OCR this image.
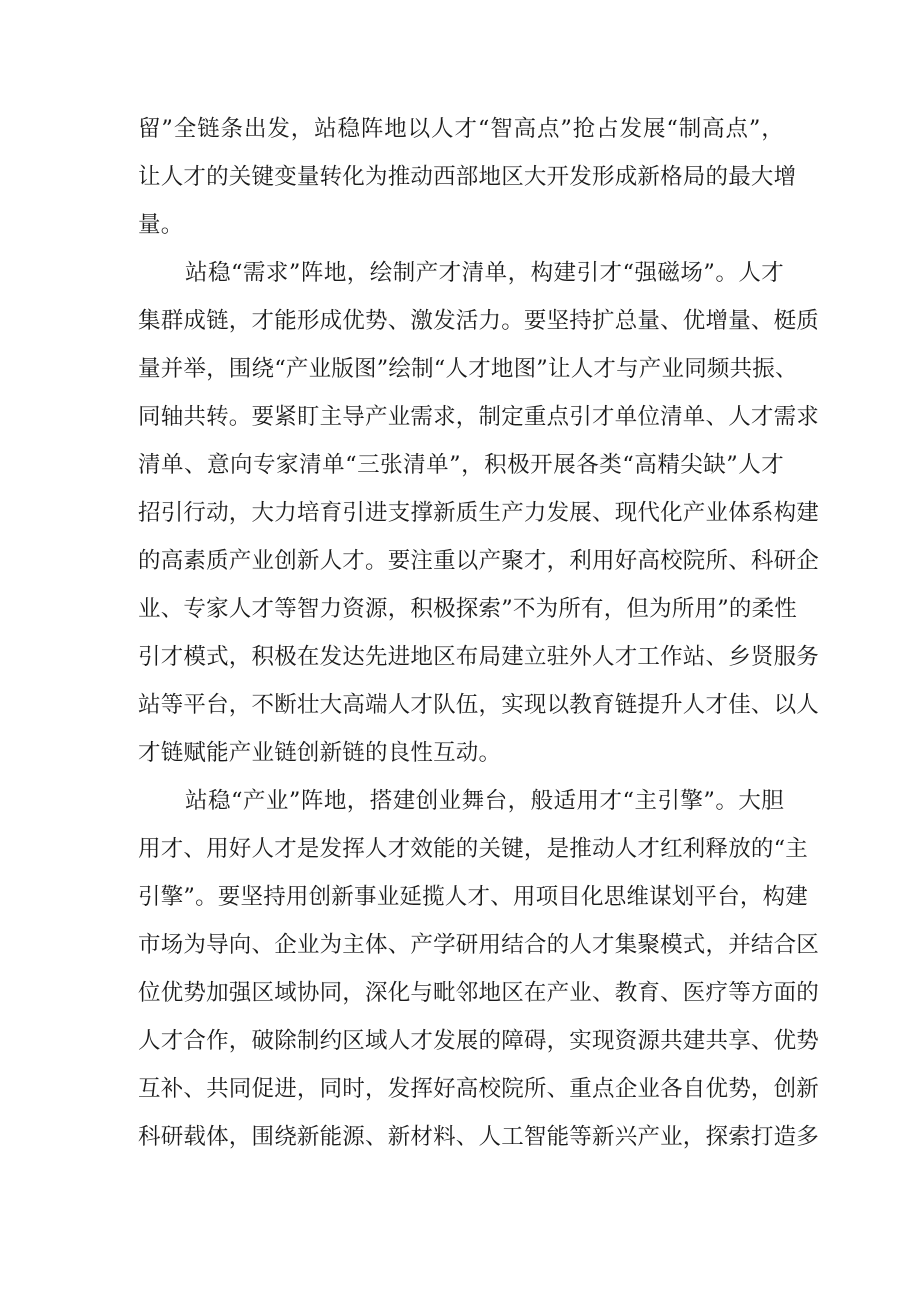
留”全链条出发，站稳阵地以人才“智高点”抢占发展“制高点”，
让人才的关键变量转化为推动西部地区大开发形成新格局的最大增
量。
站稳“需求”阵地，绘制产才清单，构建引才“强磁场”。人才
集群成链，才能形成优势、激发活力。要坚持扩总量、优增量、梃质
量并举，围绕“产业版图”绘制“人才地图”让人才与产业同频共振、
同轴共转。要紧盯主导产业需求，制定重点引才单位清单、人才需求
清单、意向专家清单“三张清单”，积极开展各类“高精尖缺”人才
招引行动，大力培育引进支撑新质生产力发展、现代化产业体系构建
的高素质产业创新人才。要注重以产聚才，利用好高校院所、科研企
业、专家人才等智力资源，积极探索”不为所有，但为所用”的柔性
引才模式，积极在发达先进地区布局建立驻外人才工作站、乡贤服务
站等平台，不断壮大高端人才队伍，实现以教育链提升人才佳、以人
才链赋能产业链创新链的良性互动。
站稳“产业”阵地，搭建创业舞台，般适用才“主引擎”。大胆
用才、用好人才是发挥人才效能的关键，是推动人才红利释放的“主
引擎”。要坚持用创新事业延揽人才、用项目化思维谋划平台，构建
市场为导向、企业为主体、产学研用结合的人才集聚模式，并结合区
位优势加强区域协同，深化与毗邻地区在产业、教育、医疗等方面的
人才合作，破除制约区域人才发展的障碍，实现资源共建共享、优势
互补、共同促进，同时，发挥好高校院所、重点企业各自优势，创新
科研载体，围绕新能源、新材料、人工智能等新兴产业，探索打造多
